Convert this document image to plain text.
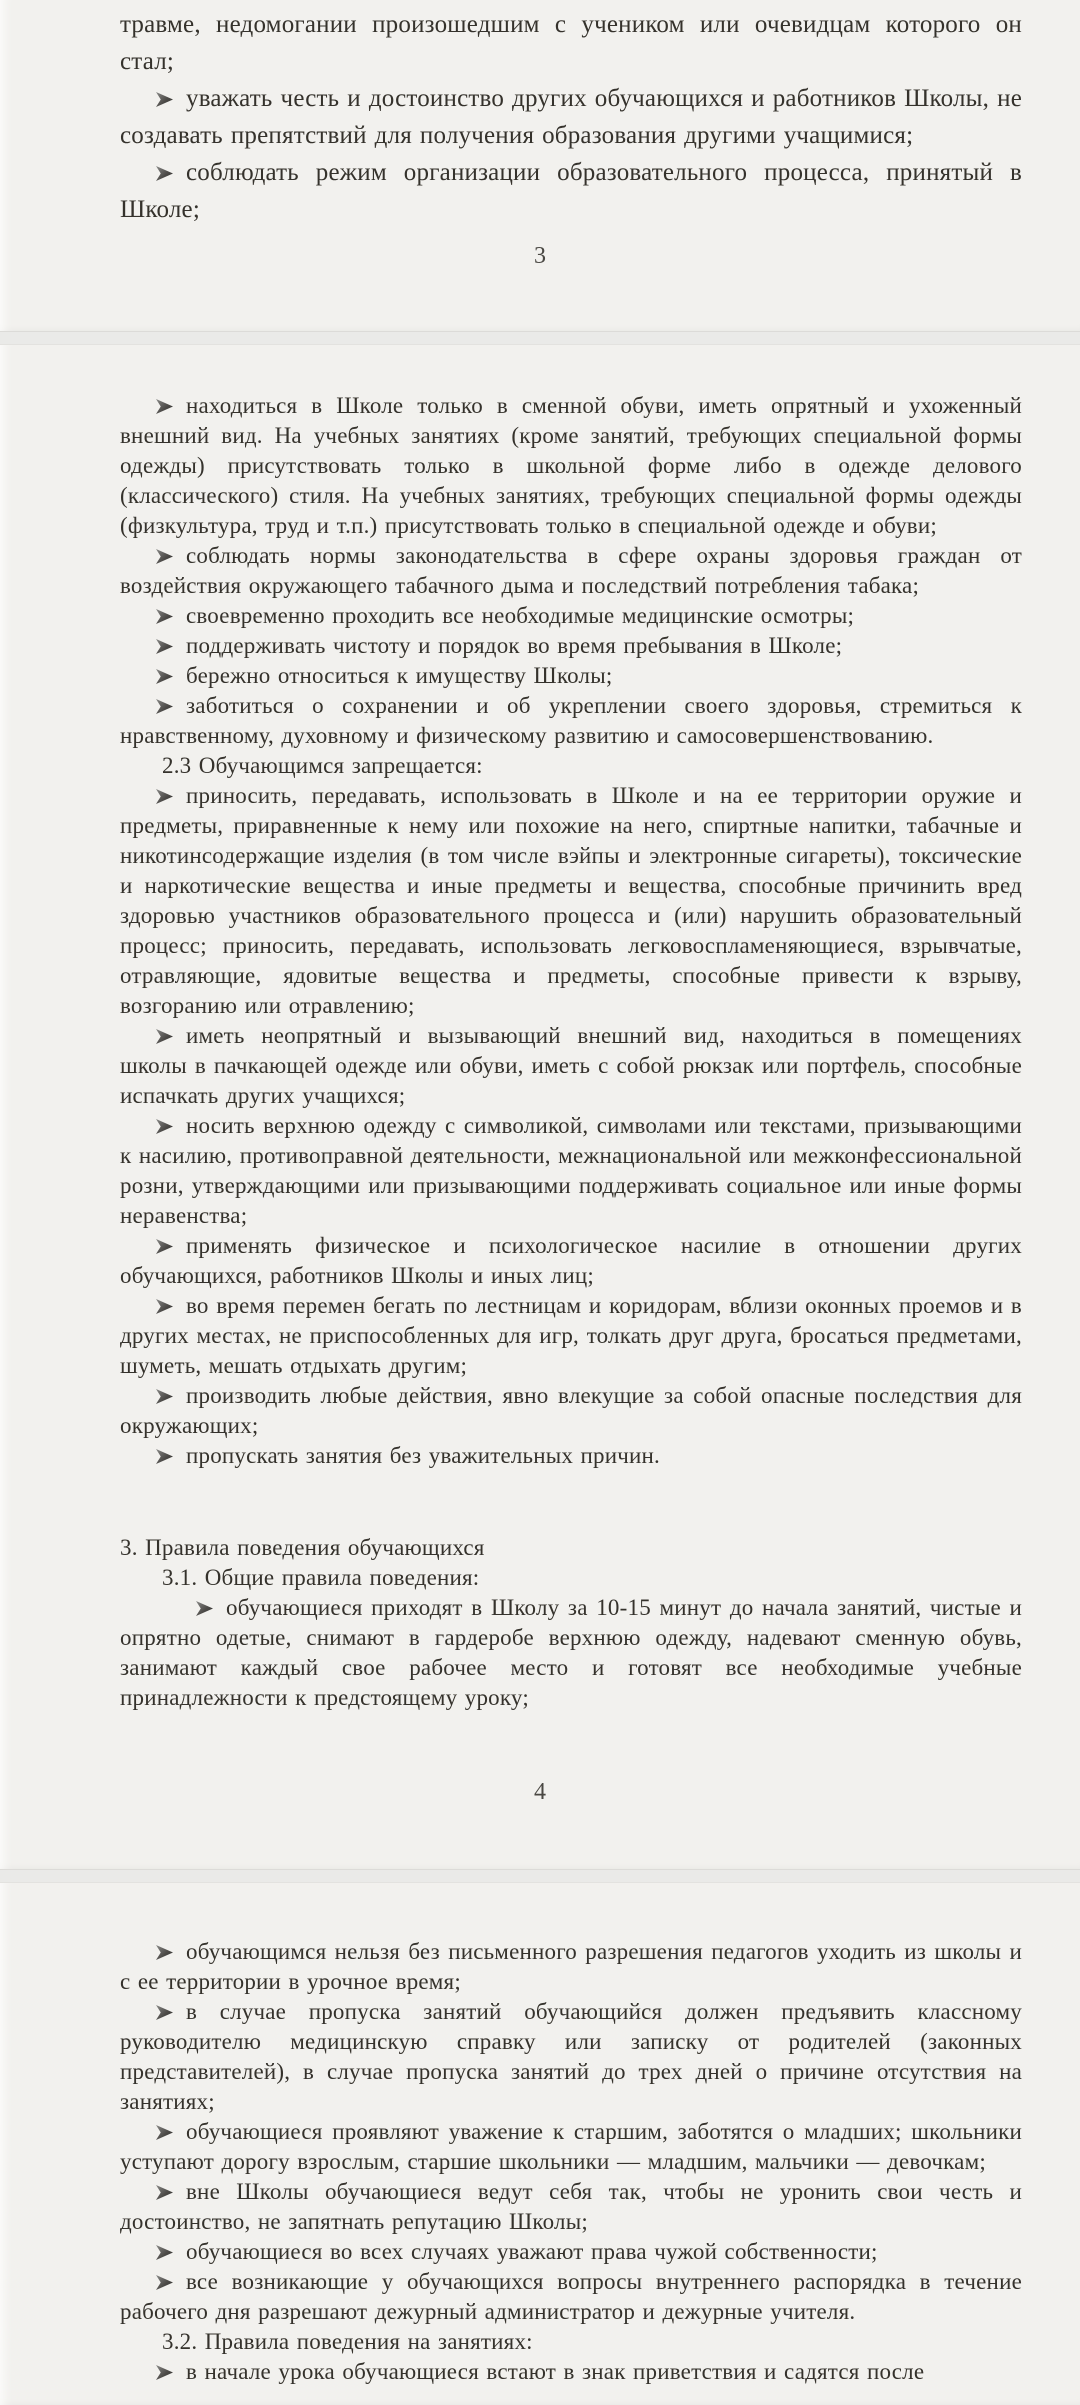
травме, недомогании произошедшим с учеником или очевидцам которого он стал;

уважать честь и достоинство других обучающихся и работников Школы, не создавать препятствий для получения образования другими учащимися;

соблюдать режим организации образовательного процесса, принятый в Школе;

3

находиться в Школе только в сменной обуви, иметь опрятный и ухоженный внешний вид. На учебных занятиях (кроме занятий, требующих специальной формы одежды) присутствовать только в школьной форме либо в одежде делового (классического) стиля. На учебных занятиях, требующих специальной формы одежды (физкультура, труд и т.п.) присутствовать только в специальной одежде и обуви;

соблюдать нормы законодательства в сфере охраны здоровья граждан от воздействия окружающего табачного дыма и последствий потребления табака;

своевременно проходить все необходимые медицинские осмотры;

поддерживать чистоту и порядок во время пребывания в Школе;

бережно относиться к имуществу Школы;

заботиться о сохранении и об укреплении своего здоровья, стремиться к нравственному, духовному и физическому развитию и самосовершенствованию.

2.3 Обучающимся запрещается:

приносить, передавать, использовать в Школе и на ее территории оружие и предметы, приравненные к нему или похожие на него, спиртные напитки, табачные и никотинсодержащие изделия (в том числе вэйпы и электронные сигареты), токсические и наркотические вещества и иные предметы и вещества, способные причинить вред здоровью участников образовательного процесса и (или) нарушить образовательный процесс; приносить, передавать, использовать легковоспламеняющиеся, взрывчатые, отравляющие, ядовитые вещества и предметы, способные привести к взрыву, возгоранию или отравлению;

иметь неопрятный и вызывающий внешний вид, находиться в помещениях школы в пачкающей одежде или обуви, иметь с собой рюкзак или портфель, способные испачкать других учащихся;

носить верхнюю одежду с символикой, символами или текстами, призывающими к насилию, противоправной деятельности, межнациональной или межконфессиональной розни, утверждающими или призывающими поддерживать социальное или иные формы неравенства;

применять физическое и психологическое насилие в отношении других обучающихся, работников Школы и иных лиц;

во время перемен бегать по лестницам и коридорам, вблизи оконных проемов и в других местах, не приспособленных для игр, толкать друг друга, бросаться предметами, шуметь, мешать отдыхать другим;

производить любые действия, явно влекущие за собой опасные последствия для окружающих;

пропускать занятия без уважительных причин.

3. Правила поведения обучающихся

3.1. Общие правила поведения:

обучающиеся приходят в Школу за 10-15 минут до начала занятий, чистые и опрятно одетые, снимают в гардеробе верхнюю одежду, надевают сменную обувь, занимают каждый свое рабочее место и готовят все необходимые учебные принадлежности к предстоящему уроку;

4

обучающимся нельзя без письменного разрешения педагогов уходить из школы и с ее территории в урочное время;

в случае пропуска занятий обучающийся должен предъявить классному руководителю медицинскую справку или записку от родителей (законных представителей), в случае пропуска занятий до трех дней о причине отсутствия на занятиях;

обучающиеся проявляют уважение к старшим, заботятся о младших; школьники уступают дорогу взрослым, старшие школьники — младшим, мальчики — девочкам;

вне Школы обучающиеся ведут себя так, чтобы не уронить свои честь и достоинство, не запятнать репутацию Школы;

обучающиеся во всех случаях уважают права чужой собственности;

все возникающие у обучающихся вопросы внутреннего распорядка в течение рабочего дня разрешают дежурный администратор и дежурные учителя.

3.2. Правила поведения на занятиях:

в начале урока обучающиеся встают в знак приветствия и садятся после
